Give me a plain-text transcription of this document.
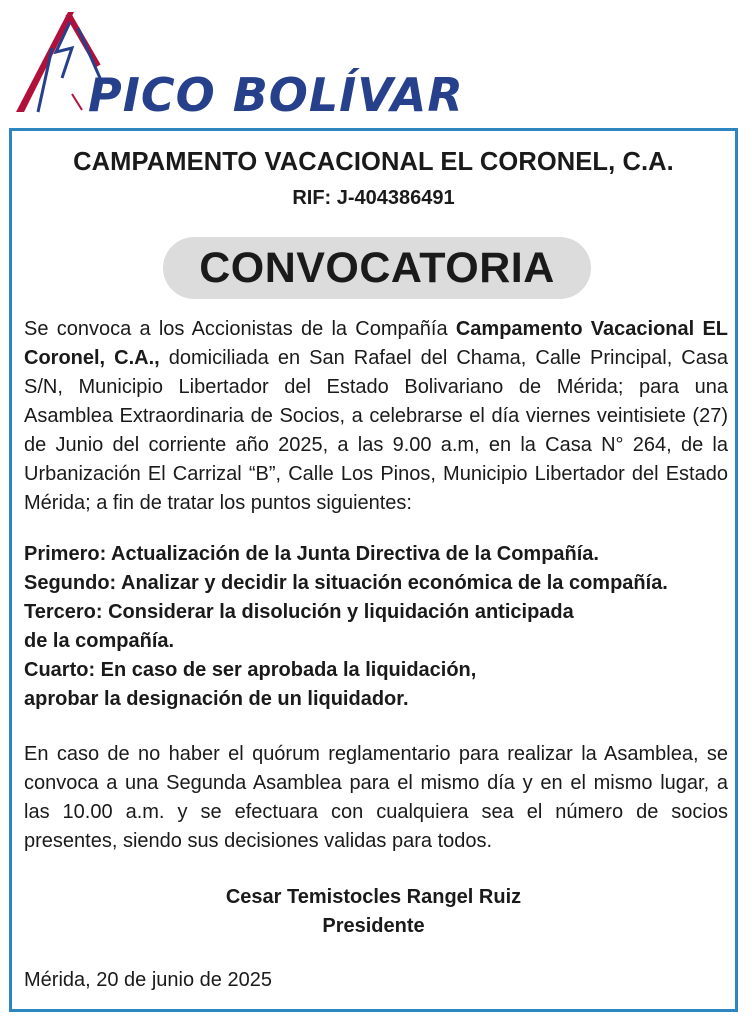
PICO BOLÍVAR
CAMPAMENTO VACACIONAL EL CORONEL, C.A.
RIF: J-404386491
CONVOCATORIA
Se convoca a los Accionistas de la Compañía Campamento Vacacional EL Coronel, C.A., domiciliada en San Rafael del Chama, Calle Principal, Casa S/N, Municipio Libertador del Estado Bolivariano de Mérida; para una Asamblea Extraordinaria de Socios, a celebrarse el día viernes veintisiete (27) de Junio del corriente año 2025, a las 9.00 a.m, en la Casa N° 264, de la Urbanización El Carrizal “B”, Calle Los Pinos, Municipio Libertador del Estado Mérida; a fin de tratar los puntos siguientes:
Primero: Actualización de la Junta Directiva de la Compañía.
Segundo: Analizar y decidir la situación económica de la compañía.
Tercero: Considerar la disolución y liquidación anticipada
de la compañía.
Cuarto: En caso de ser aprobada la liquidación,
aprobar la designación de un liquidador.
En caso de no haber el quórum reglamentario para realizar la Asamblea, se convoca a una Segunda Asamblea para el mismo día y en el mismo lugar, a las 10.00 a.m. y se efectuara con cualquiera sea el número de socios presentes, siendo sus decisiones validas para todos.
Cesar Temistocles Rangel Ruiz
Presidente
Mérida, 20 de junio de 2025
